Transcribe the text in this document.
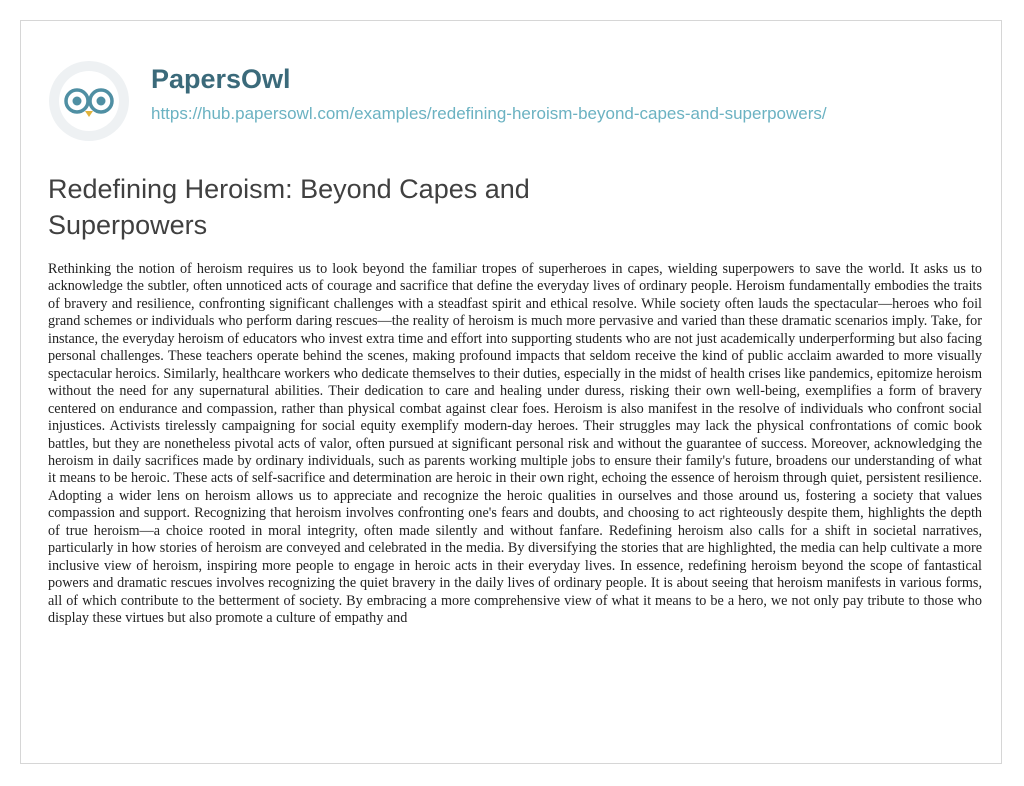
PapersOwl
https://hub.papersowl.com/examples/redefining-heroism-beyond-capes-and-superpowers/
Redefining Heroism: Beyond Capes and Superpowers

Rethinking the notion of heroism requires us to look beyond the familiar tropes of superheroes in capes, wielding superpowers to save the world. It asks us to acknowledge the subtler, often unnoticed acts of courage and sacrifice that define the everyday lives of ordinary people. Heroism fundamentally embodies the traits of bravery and resilience, confronting significant challenges with a steadfast spirit and ethical resolve. While society often lauds the spectacular—heroes who foil grand schemes or individuals who perform daring rescues—the reality of heroism is much more pervasive and varied than these dramatic scenarios imply. Take, for instance, the everyday heroism of educators who invest extra time and effort into supporting students who are not just academically underperforming but also facing personal challenges. These teachers operate behind the scenes, making profound impacts that seldom receive the kind of public acclaim awarded to more visually spectacular heroics. Similarly, healthcare workers who dedicate themselves to their duties, especially in the midst of health crises like pandemics, epitomize heroism without the need for any supernatural abilities. Their dedication to care and healing under duress, risking their own well-being, exemplifies a form of bravery centered on endurance and compassion, rather than physical combat against clear foes. Heroism is also manifest in the resolve of individuals who confront social injustices. Activists tirelessly campaigning for social equity exemplify modern-day heroes. Their struggles may lack the physical confrontations of comic book battles, but they are nonetheless pivotal acts of valor, often pursued at significant personal risk and without the guarantee of success. Moreover, acknowledging the heroism in daily sacrifices made by ordinary individuals, such as parents working multiple jobs to ensure their family's future, broadens our understanding of what it means to be heroic. These acts of self-sacrifice and determination are heroic in their own right, echoing the essence of heroism through quiet, persistent resilience. Adopting a wider lens on heroism allows us to appreciate and recognize the heroic qualities in ourselves and those around us, fostering a society that values compassion and support. Recognizing that heroism involves confronting one's fears and doubts, and choosing to act righteously despite them, highlights the depth of true heroism—a choice rooted in moral integrity, often made silently and without fanfare. Redefining heroism also calls for a shift in societal narratives, particularly in how stories of heroism are conveyed and celebrated in the media. By diversifying the stories that are highlighted, the media can help cultivate a more inclusive view of heroism, inspiring more people to engage in heroic acts in their everyday lives. In essence, redefining heroism beyond the scope of fantastical powers and dramatic rescues involves recognizing the quiet bravery in the daily lives of ordinary people. It is about seeing that heroism manifests in various forms, all of which contribute to the betterment of society. By embracing a more comprehensive view of what it means to be a hero, we not only pay tribute to those who display these virtues but also promote a culture of empathy and
